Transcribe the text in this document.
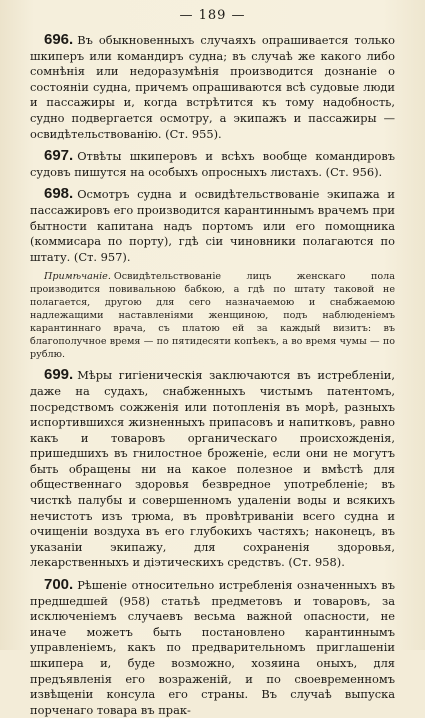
— 189 —
696. Въ обыкновенныхъ случаяхъ опрашивается только шкиперъ или командиръ судна; въ случаѣ же какого либо сомнѣнія или недоразумѣнія производится дознаніе о состояніи судна, причемъ опрашиваются всѣ судовые люди и пассажиры и, когда встрѣтится къ тому надобность, судно подвергается осмотру, а экипажъ и пассажиры — освидѣтельствованію. (Ст. 955).
697. Отвѣты шкиперовъ и всѣхъ вообще командировъ судовъ пишутся на особыхъ опросныхъ листахъ. (Ст. 956).
698. Осмотръ судна и освидѣтельствованіе экипажа и пассажировъ его производится карантиннымъ врачемъ при бытности капитана надъ портомъ или его помощника (коммисара по порту), гдѣ сіи чиновники полагаются по штату. (Ст. 957).
Примѣчаніе. Освидѣтельствованіе лицъ женскаго пола производится повивальною бабкою, а гдѣ по штату таковой не полагается, другою для сего назначаемою и снабжаемою надлежащими наставленіями женщиною, подъ наблюденіемъ карантиннаго врача, съ платою ей за каждый визитъ: въ благополучное время — по пятидесяти копѣекъ, а во время чумы — по рублю.
699. Мѣры гигіеническія заключаются въ истребленіи, даже на судахъ, снабженныхъ чистымъ патентомъ, посредствомъ сожженія или потопленія въ морѣ, разныхъ испортившихся жизненныхъ припасовъ и напитковъ, равно какъ и товаровъ органическаго происхожденія, пришедшихъ въ гнилостное броженіе, если они не могутъ быть обращены ни на какое полезное и вмѣстѣ для общественнаго здоровья безвредное употребленіе; въ чисткѣ палубы и совершенномъ удаленіи воды и всякихъ нечистотъ изъ трюма, въ провѣтриваніи всего судна и очищеніи воздуха въ его глубокихъ частяхъ; наконецъ, въ указаніи экипажу, для сохраненія здоровья, лекарственныхъ и діэтическихъ средствъ. (Ст. 958).
700. Рѣшеніе относительно истребленія означенныхъ въ предшедшей (958) статьѣ предметовъ и товаровъ, за исключеніемъ случаевъ весьма важной опасности, не иначе можетъ быть постановлено карантиннымъ управленіемъ, какъ по предварительномъ приглашеніи шкипера и, буде возможно, хозяина оныхъ, для предъявленія его возраженій, и по своевременномъ извѣщеніи консула его страны. Въ случаѣ выпуска порченаго товара въ прак-
